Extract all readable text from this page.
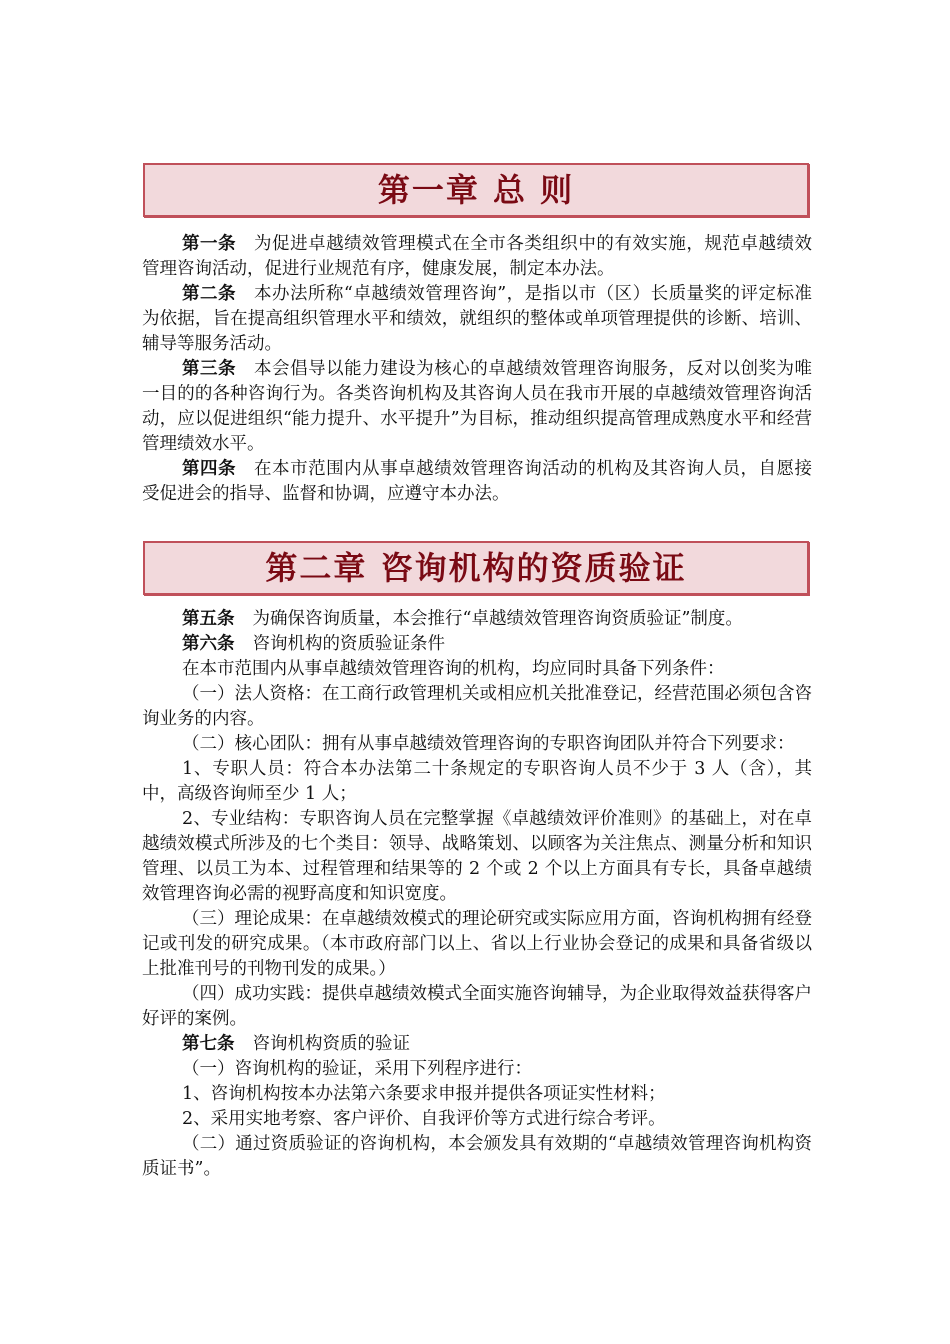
第一章 总 则

第一条 为促进卓越绩效管理模式在全市各类组织中的有效实施，规范卓越绩效管理咨询活动，促进行业规范有序，健康发展，制定本办法。

第二条 本办法所称“卓越绩效管理咨询”，是指以市（区）长质量奖的评定标准为依据，旨在提高组织管理水平和绩效，就组织的整体或单项管理提供的诊断、培训、辅导等服务活动。

第三条 本会倡导以能力建设为核心的卓越绩效管理咨询服务，反对以创奖为唯一目的的各种咨询行为。各类咨询机构及其咨询人员在我市开展的卓越绩效管理咨询活动，应以促进组织“能力提升、水平提升”为目标，推动组织提高管理成熟度水平和经营管理绩效水平。

第四条 在本市范围内从事卓越绩效管理咨询活动的机构及其咨询人员，自愿接受促进会的指导、监督和协调，应遵守本办法。

第二章 咨询机构的资质验证

第五条 为确保咨询质量，本会推行“卓越绩效管理咨询资质验证”制度。

第六条 咨询机构的资质验证条件

在本市范围内从事卓越绩效管理咨询的机构，均应同时具备下列条件：

（一）法人资格：在工商行政管理机关或相应机关批准登记，经营范围必须包含咨询业务的内容。

（二）核心团队：拥有从事卓越绩效管理咨询的专职咨询团队并符合下列要求：

1、专职人员：符合本办法第二十条规定的专职咨询人员不少于 3 人（含），其中，高级咨询师至少 1 人；

2、专业结构：专职咨询人员在完整掌握《卓越绩效评价准则》的基础上，对在卓越绩效模式所涉及的七个类目：领导、战略策划、以顾客为关注焦点、测量分析和知识管理、以员工为本、过程管理和结果等的 2 个或 2 个以上方面具有专长，具备卓越绩效管理咨询必需的视野高度和知识宽度。

（三）理论成果：在卓越绩效模式的理论研究或实际应用方面，咨询机构拥有经登记或刊发的研究成果。（本市政府部门以上、省以上行业协会登记的成果和具备省级以上批准刊号的刊物刊发的成果。）

（四）成功实践：提供卓越绩效模式全面实施咨询辅导，为企业取得效益获得客户好评的案例。

第七条 咨询机构资质的验证

（一）咨询机构的验证，采用下列程序进行：

1、咨询机构按本办法第六条要求申报并提供各项证实性材料；

2、采用实地考察、客户评价、自我评价等方式进行综合考评。

（二）通过资质验证的咨询机构，本会颁发具有效期的“卓越绩效管理咨询机构资质证书”。
